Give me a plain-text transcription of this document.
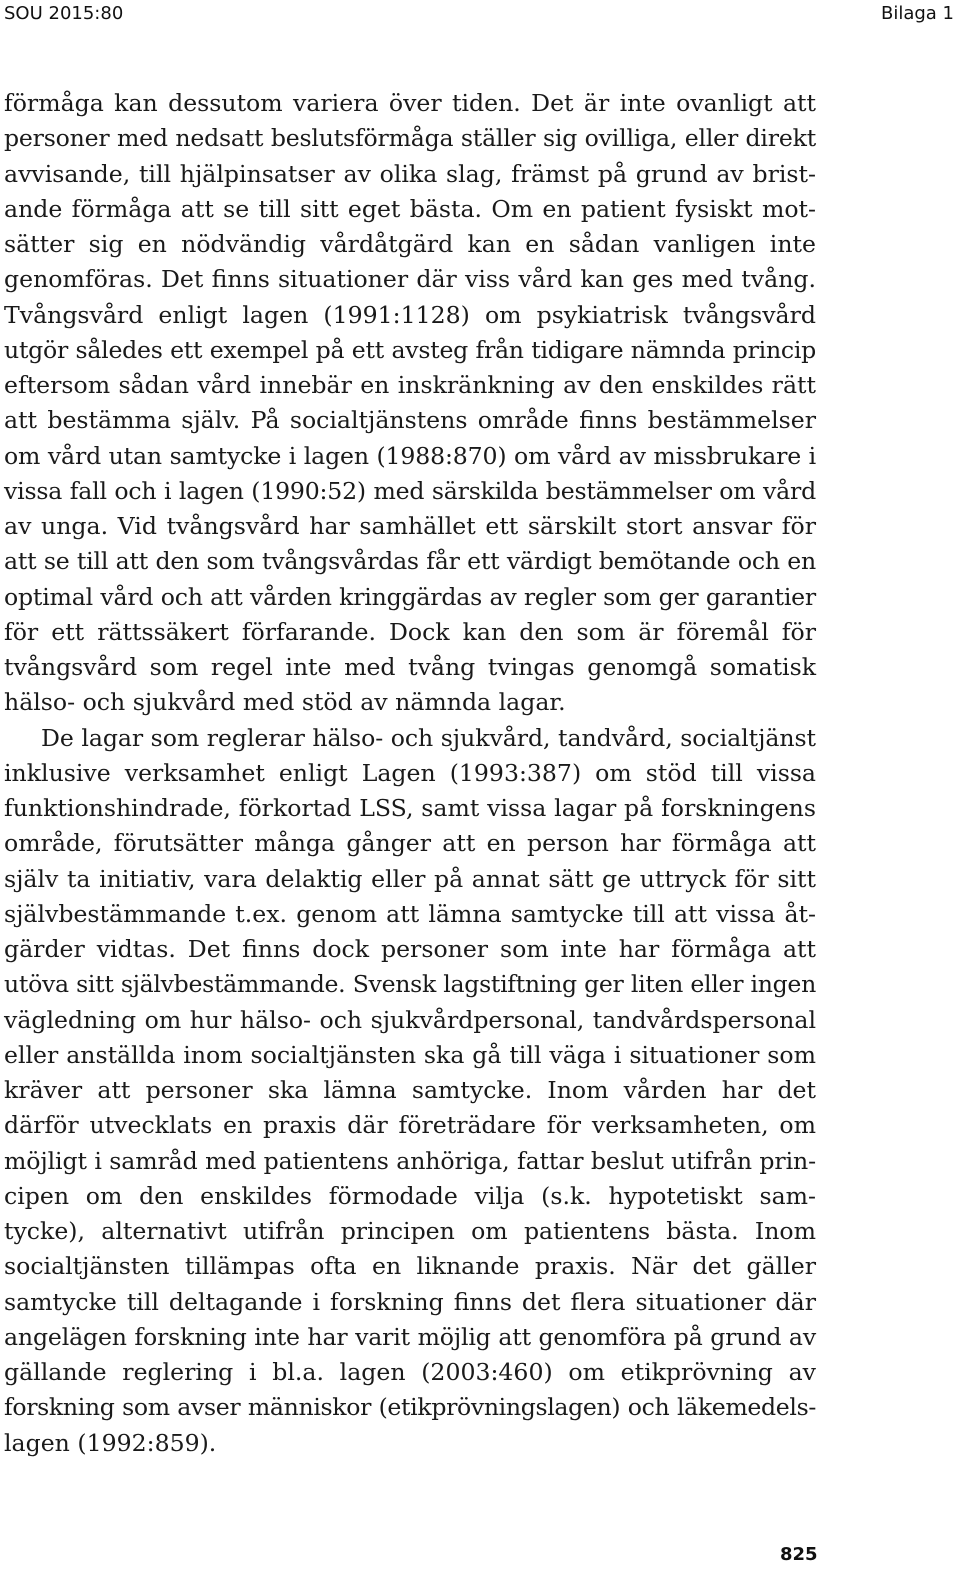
SOU 2015:80	Bilaga 1
förmåga kan dessutom variera över tiden. Det är inte ovanligt att
personer med nedsatt beslutsförmåga ställer sig ovilliga, eller direkt
avvisande, till hjälpinsatser av olika slag, främst på grund av brist-
ande förmåga att se till sitt eget bästa. Om en patient fysiskt mot-
sätter sig en nödvändig vårdåtgärd kan en sådan vanligen inte
genomföras. Det finns situationer där viss vård kan ges med tvång.
Tvångsvård enligt lagen (1991:1128) om psykiatrisk tvångsvård
utgör således ett exempel på ett avsteg från tidigare nämnda princip
eftersom sådan vård innebär en inskränkning av den enskildes rätt
att bestämma själv. På socialtjänstens område finns bestämmelser
om vård utan samtycke i lagen (1988:870) om vård av missbrukare i
vissa fall och i lagen (1990:52) med särskilda bestämmelser om vård
av unga. Vid tvångsvård har samhället ett särskilt stort ansvar för
att se till att den som tvångsvårdas får ett värdigt bemötande och en
optimal vård och att vården kringgärdas av regler som ger garantier
för ett rättssäkert förfarande. Dock kan den som är föremål för
tvångsvård som regel inte med tvång tvingas genomgå somatisk
hälso- och sjukvård med stöd av nämnda lagar.
De lagar som reglerar hälso- och sjukvård, tandvård, socialtjänst
inklusive verksamhet enligt Lagen (1993:387) om stöd till vissa
funktionshindrade, förkortad LSS, samt vissa lagar på forskningens
område, förutsätter många gånger att en person har förmåga att
själv ta initiativ, vara delaktig eller på annat sätt ge uttryck för sitt
självbestämmande t.ex. genom att lämna samtycke till att vissa åt-
gärder vidtas. Det finns dock personer som inte har förmåga att
utöva sitt självbestämmande. Svensk lagstiftning ger liten eller ingen
vägledning om hur hälso- och sjukvårdpersonal, tandvårdspersonal
eller anställda inom socialtjänsten ska gå till väga i situationer som
kräver att personer ska lämna samtycke. Inom vården har det
därför utvecklats en praxis där företrädare för verksamheten, om
möjligt i samråd med patientens anhöriga, fattar beslut utifrån prin-
cipen om den enskildes förmodade vilja (s.k. hypotetiskt sam-
tycke), alternativt utifrån principen om patientens bästa. Inom
socialtjänsten tillämpas ofta en liknande praxis. När det gäller
samtycke till deltagande i forskning finns det flera situationer där
angelägen forskning inte har varit möjlig att genomföra på grund av
gällande reglering i bl.a. lagen (2003:460) om etikprövning av
forskning som avser människor (etikprövningslagen) och läkemedels-
lagen (1992:859).
825
